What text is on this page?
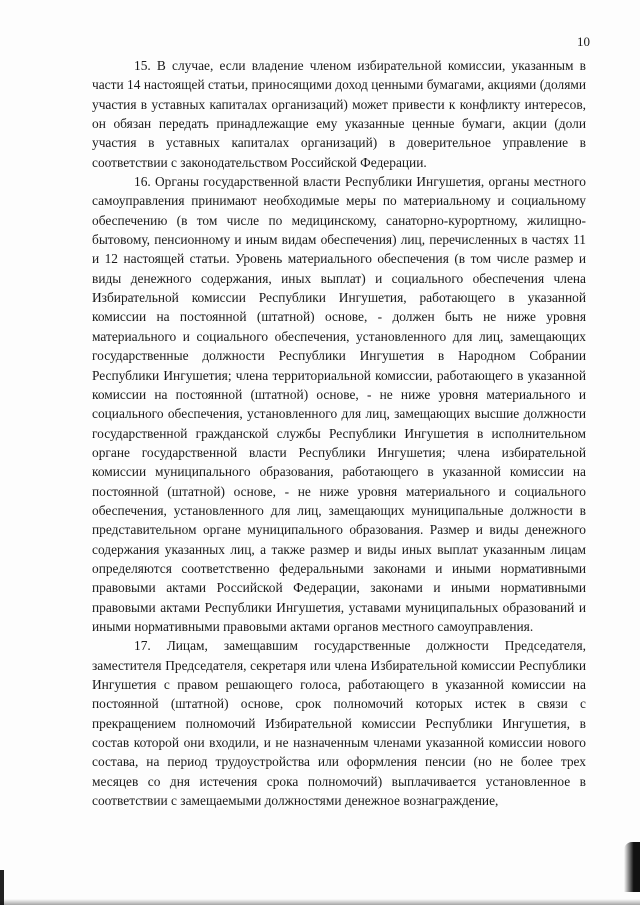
10

15. В случае, если владение членом избирательной комиссии, указанным в части 14 настоящей статьи, приносящими доход ценными бумагами, акциями (долями участия в уставных капиталах организаций) может привести к конфликту интересов, он обязан передать принадлежащие ему указанные ценные бумаги, акции (доли участия в уставных капиталах организаций) в доверительное управление в соответствии с законодательством Российской Федерации.

16. Органы государственной власти Республики Ингушетия, органы местного самоуправления принимают необходимые меры по материальному и социальному обеспечению (в том числе по медицинскому, санаторно-курортному, жилищно-бытовому, пенсионному и иным видам обеспечения) лиц, перечисленных в частях 11 и 12 настоящей статьи. Уровень материального обеспечения (в том числе размер и виды денежного содержания, иных выплат) и социального обеспечения члена Избирательной комиссии Республики Ингушетия, работающего в указанной комиссии на постоянной (штатной) основе, - должен быть не ниже уровня материального и социального обеспечения, установленного для лиц, замещающих государственные должности Республики Ингушетия в Народном Собрании Республики Ингушетия; члена территориальной комиссии, работающего в указанной комиссии на постоянной (штатной) основе, - не ниже уровня материального и социального обеспечения, установленного для лиц, замещающих высшие должности государственной гражданской службы Республики Ингушетия в исполнительном органе государственной власти Республики Ингушетия; члена избирательной комиссии муниципального образования, работающего в указанной комиссии на постоянной (штатной) основе, - не ниже уровня материального и социального обеспечения, установленного для лиц, замещающих муниципальные должности в представительном органе муниципального образования. Размер и виды денежного содержания указанных лиц, а также размер и виды иных выплат указанным лицам определяются соответственно федеральными законами и иными нормативными правовыми актами Российской Федерации, законами и иными нормативными правовыми актами Республики Ингушетия, уставами муниципальных образований и иными нормативными правовыми актами органов местного самоуправления.

17. Лицам, замещавшим государственные должности Председателя, заместителя Председателя, секретаря или члена Избирательной комиссии Республики Ингушетия с правом решающего голоса, работающего в указанной комиссии на постоянной (штатной) основе, срок полномочий которых истек в связи с прекращением полномочий Избирательной комиссии Республики Ингушетия, в состав которой они входили, и не назначенным членами указанной комиссии нового состава, на период трудоустройства или оформления пенсии (но не более трех месяцев со дня истечения срока полномочий) выплачивается установленное в соответствии с замещаемыми должностями денежное вознаграждение,
